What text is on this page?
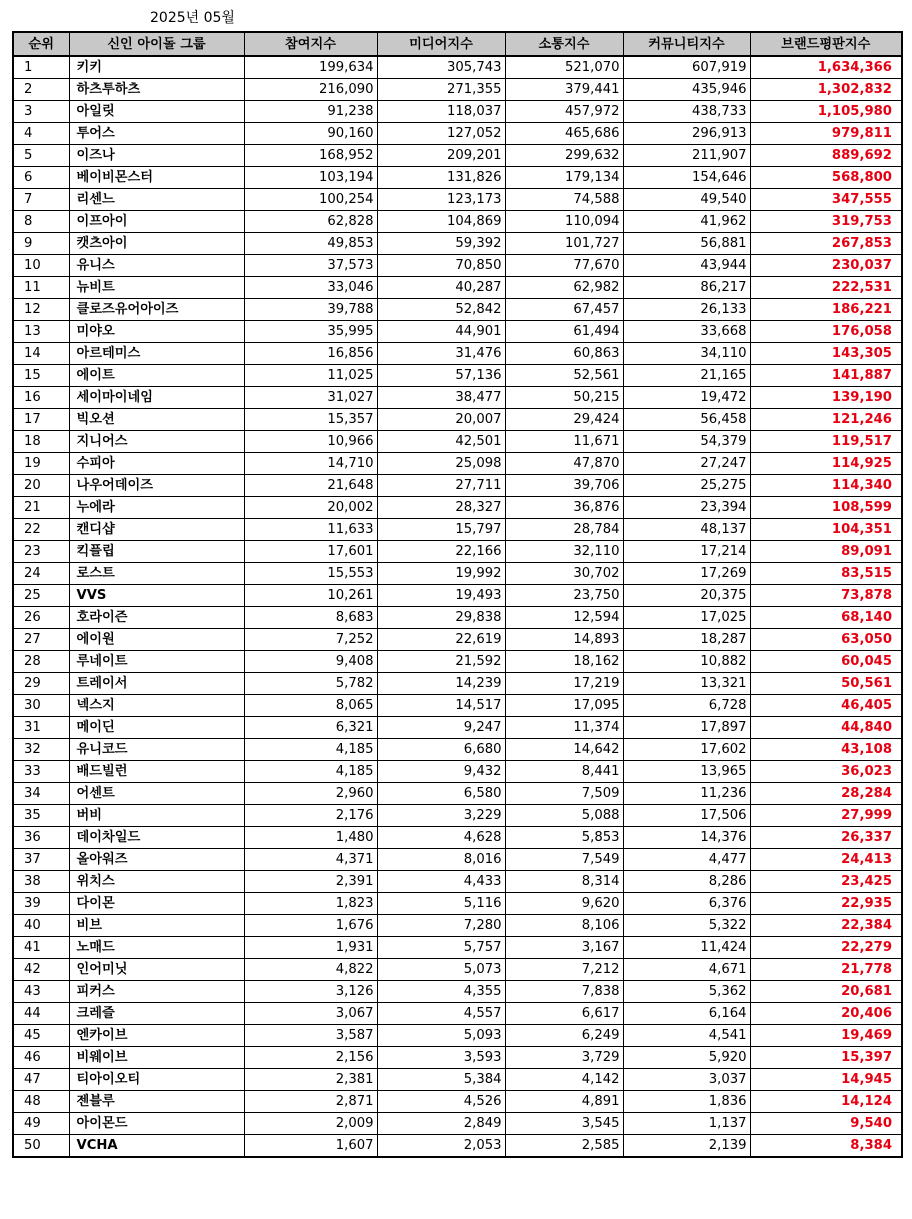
2025년 05월
순위	신인 아이돌 그룹	참여지수	미디어지수	소통지수	커뮤니티지수	브랜드평판지수
1	키키	199,634	305,743	521,070	607,919	1,634,366
2	하츠투하츠	216,090	271,355	379,441	435,946	1,302,832
3	아일릿	91,238	118,037	457,972	438,733	1,105,980
4	투어스	90,160	127,052	465,686	296,913	979,811
5	이즈나	168,952	209,201	299,632	211,907	889,692
6	베이비몬스터	103,194	131,826	179,134	154,646	568,800
7	리센느	100,254	123,173	74,588	49,540	347,555
8	이프아이	62,828	104,869	110,094	41,962	319,753
9	캣츠아이	49,853	59,392	101,727	56,881	267,853
10	유니스	37,573	70,850	77,670	43,944	230,037
11	뉴비트	33,046	40,287	62,982	86,217	222,531
12	클로즈유어아이즈	39,788	52,842	67,457	26,133	186,221
13	미야오	35,995	44,901	61,494	33,668	176,058
14	아르테미스	16,856	31,476	60,863	34,110	143,305
15	에이트	11,025	57,136	52,561	21,165	141,887
16	세이마이네임	31,027	38,477	50,215	19,472	139,190
17	빅오션	15,357	20,007	29,424	56,458	121,246
18	지니어스	10,966	42,501	11,671	54,379	119,517
19	수피아	14,710	25,098	47,870	27,247	114,925
20	나우어데이즈	21,648	27,711	39,706	25,275	114,340
21	누에라	20,002	28,327	36,876	23,394	108,599
22	캔디샵	11,633	15,797	28,784	48,137	104,351
23	킥플립	17,601	22,166	32,110	17,214	89,091
24	로스트	15,553	19,992	30,702	17,269	83,515
25	VVS	10,261	19,493	23,750	20,375	73,878
26	호라이즌	8,683	29,838	12,594	17,025	68,140
27	에이원	7,252	22,619	14,893	18,287	63,050
28	루네이트	9,408	21,592	18,162	10,882	60,045
29	트레이서	5,782	14,239	17,219	13,321	50,561
30	넥스지	8,065	14,517	17,095	6,728	46,405
31	메이딘	6,321	9,247	11,374	17,897	44,840
32	유니코드	4,185	6,680	14,642	17,602	43,108
33	배드빌런	4,185	9,432	8,441	13,965	36,023
34	어센트	2,960	6,580	7,509	11,236	28,284
35	버비	2,176	3,229	5,088	17,506	27,999
36	데이차일드	1,480	4,628	5,853	14,376	26,337
37	올아워즈	4,371	8,016	7,549	4,477	24,413
38	위치스	2,391	4,433	8,314	8,286	23,425
39	다이몬	1,823	5,116	9,620	6,376	22,935
40	비브	1,676	7,280	8,106	5,322	22,384
41	노매드	1,931	5,757	3,167	11,424	22,279
42	인어미닛	4,822	5,073	7,212	4,671	21,778
43	피커스	3,126	4,355	7,838	5,362	20,681
44	크레즐	3,067	4,557	6,617	6,164	20,406
45	엔카이브	3,587	5,093	6,249	4,541	19,469
46	비웨이브	2,156	3,593	3,729	5,920	15,397
47	티아이오티	2,381	5,384	4,142	3,037	14,945
48	젠블루	2,871	4,526	4,891	1,836	14,124
49	아이몬드	2,009	2,849	3,545	1,137	9,540
50	VCHA	1,607	2,053	2,585	2,139	8,384
